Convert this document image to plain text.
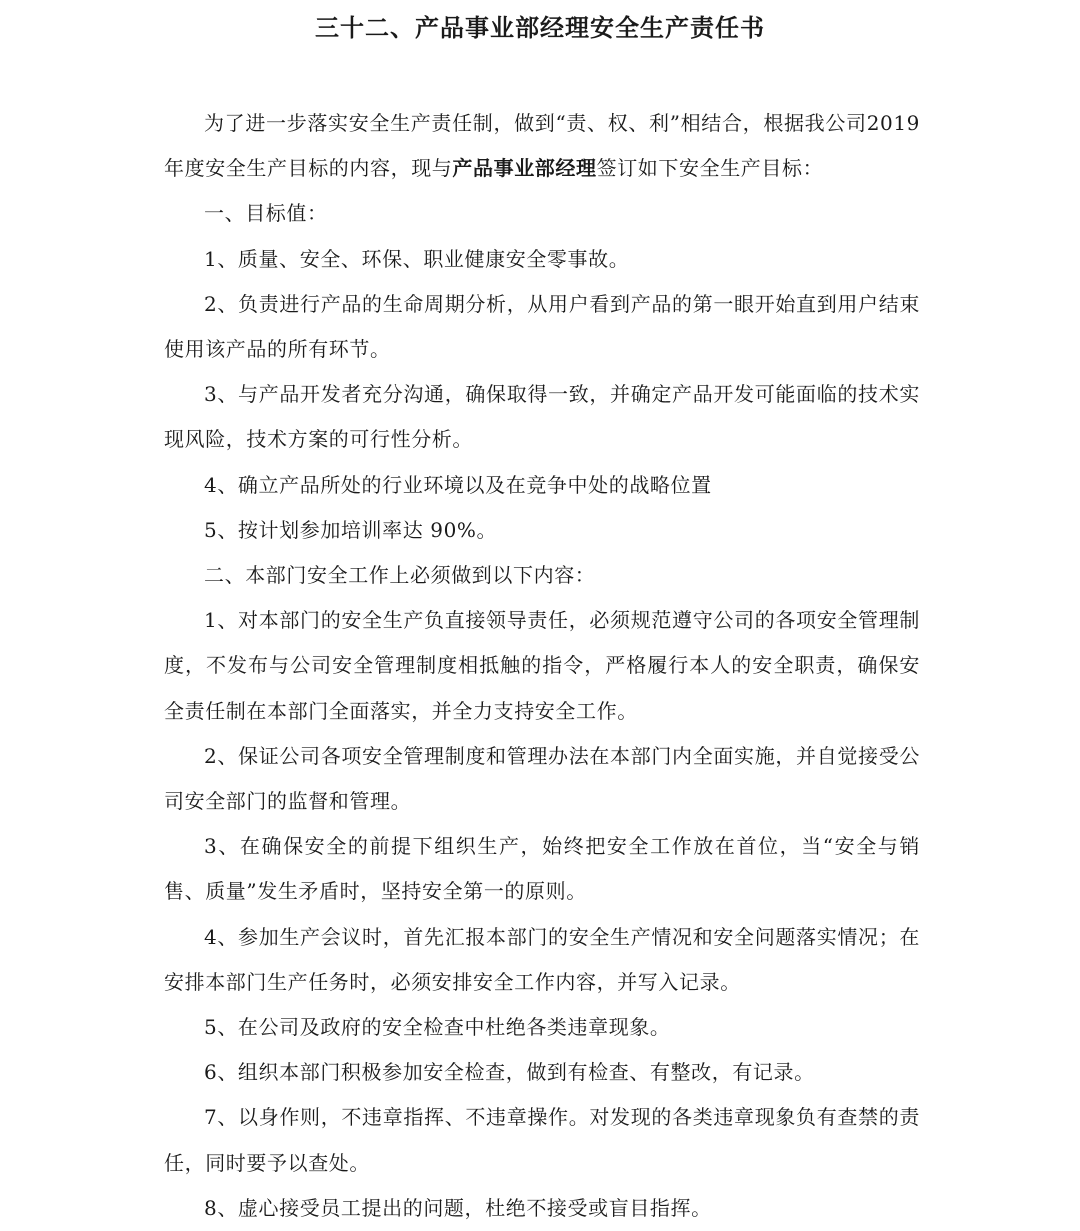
三十二、产品事业部经理安全生产责任书

为了进一步落实安全生产责任制，做到“责、权、利”相结合，根据我公司2019 年度安全生产目标的内容，现与产品事业部经理签订如下安全生产目标：

一、目标值：

1、质量、安全、环保、职业健康安全零事故。

2、负责进行产品的生命周期分析，从用户看到产品的第一眼开始直到用户结束使用该产品的所有环节。

3、与产品开发者充分沟通，确保取得一致，并确定产品开发可能面临的技术实现风险，技术方案的可行性分析。

4、确立产品所处的行业环境以及在竞争中处的战略位置

5、按计划参加培训率达 90%。

二、本部门安全工作上必须做到以下内容：

1、对本部门的安全生产负直接领导责任，必须规范遵守公司的各项安全管理制度，不发布与公司安全管理制度相抵触的指令，严格履行本人的安全职责，确保安全责任制在本部门全面落实，并全力支持安全工作。

2、保证公司各项安全管理制度和管理办法在本部门内全面实施，并自觉接受公司安全部门的监督和管理。

3、在确保安全的前提下组织生产，始终把安全工作放在首位，当“安全与销售、质量”发生矛盾时，坚持安全第一的原则。

4、参加生产会议时，首先汇报本部门的安全生产情况和安全问题落实情况；在安排本部门生产任务时，必须安排安全工作内容，并写入记录。

5、在公司及政府的安全检查中杜绝各类违章现象。

6、组织本部门积极参加安全检查，做到有检查、有整改，有记录。

7、以身作则，不违章指挥、不违章操作。对发现的各类违章现象负有查禁的责任，同时要予以查处。

8、虚心接受员工提出的问题，杜绝不接受或盲目指挥。
